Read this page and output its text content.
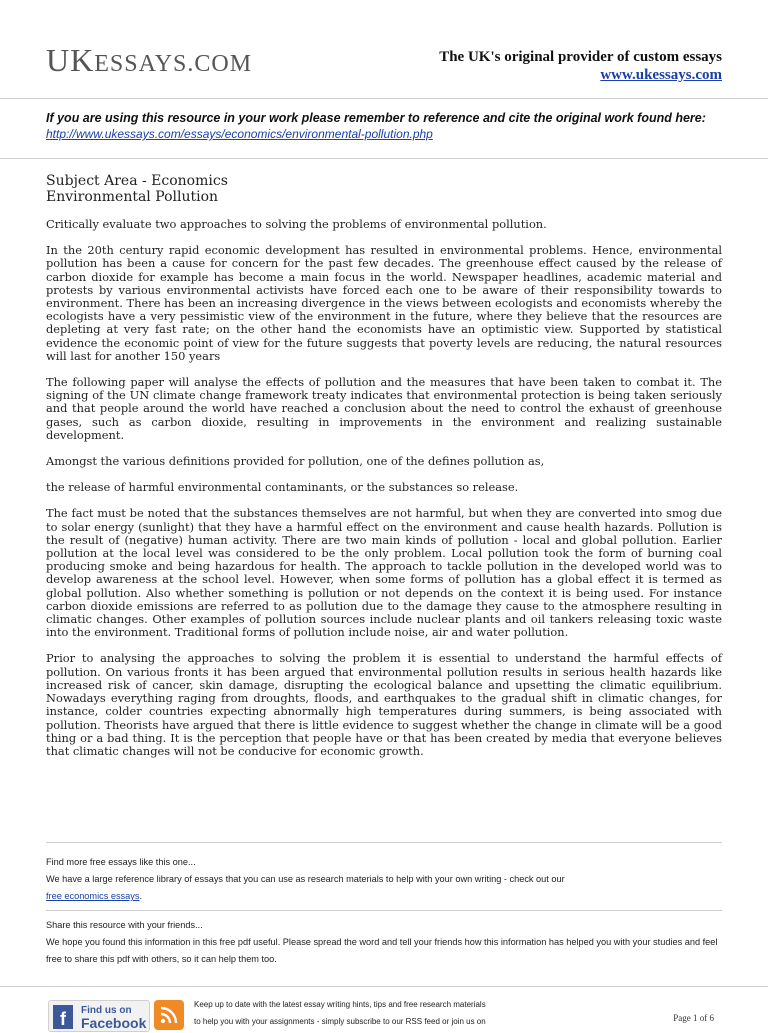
UKESSAYS.COM	The UK's original provider of custom essays
www.ukessays.com
If you are using this resource in your work please remember to reference and cite the original work found here:
http://www.ukessays.com/essays/economics/environmental-pollution.php
Subject Area - Economics
Environmental Pollution

Critically evaluate two approaches to solving the problems of environmental pollution.

In the 20th century rapid economic development has resulted in environmental problems. Hence, environmental pollution has been a cause for concern for the past few decades. The greenhouse effect caused by the release of carbon dioxide for example has become a main focus in the world. Newspaper headlines, academic material and protests by various environmental activists have forced each one to be aware of their responsibility towards to environment. There has been an increasing divergence in the views between ecologists and economists whereby the ecologists have a very pessimistic view of the environment in the future, where they believe that the resources are depleting at very fast rate; on the other hand the economists have an optimistic view. Supported by statistical evidence the economic point of view for the future suggests that poverty levels are reducing, the natural resources will last for another 150 years

The following paper will analyse the effects of pollution and the measures that have been taken to combat it. The signing of the UN climate change framework treaty indicates that environmental protection is being taken seriously and that people around the world have reached a conclusion about the need to control the exhaust of greenhouse gases, such as carbon dioxide, resulting in improvements in the environment and realizing sustainable development.

Amongst the various definitions provided for pollution, one of the defines pollution as,

the release of harmful environmental contaminants, or the substances so release.

The fact must be noted that the substances themselves are not harmful, but when they are converted into smog due to solar energy (sunlight) that they have a harmful effect on the environment and cause health hazards. Pollution is the result of (negative) human activity. There are two main kinds of pollution - local and global pollution. Earlier pollution at the local level was considered to be the only problem. Local pollution took the form of burning coal producing smoke and being hazardous for health. The approach to tackle pollution in the developed world was to develop awareness at the school level. However, when some forms of pollution has a global effect it is termed as global pollution. Also whether something is pollution or not depends on the context it is being used. For instance carbon dioxide emissions are referred to as pollution due to the damage they cause to the atmosphere resulting in climatic changes. Other examples of pollution sources include nuclear plants and oil tankers releasing toxic waste into the environment. Traditional forms of pollution include noise, air and water pollution.

Prior to analysing the approaches to solving the problem it is essential to understand the harmful effects of pollution. On various fronts it has been argued that environmental pollution results in serious health hazards like increased risk of cancer, skin damage, disrupting the ecological balance and upsetting the climatic equilibrium. Nowadays everything raging from droughts, floods, and earthquakes to the gradual shift in climatic changes, for instance, colder countries expecting abnormally high temperatures during summers, is being associated with pollution. Theorists have argued that there is little evidence to suggest whether the change in climate will be a good thing or a bad thing. It is the perception that people have or that has been created by media that everyone believes that climatic changes will not be conducive for economic growth.

Find more free essays like this one...
We have a large reference library of essays that you can use as research materials to help with your own writing - check out our
free economics essays.
Share this resource with your friends...
We hope you found this information in this free pdf useful. Please spread the word and tell your friends how this information has helped you with your studies and feel free to share this pdf with others, so it can help them too.
f	Find us on
Facebook
Keep up to date with the latest essay writing hints, tips and free research materials
to help you with your assignments - simply subscribe to our RSS feed or join us on	Page 1 of 6
